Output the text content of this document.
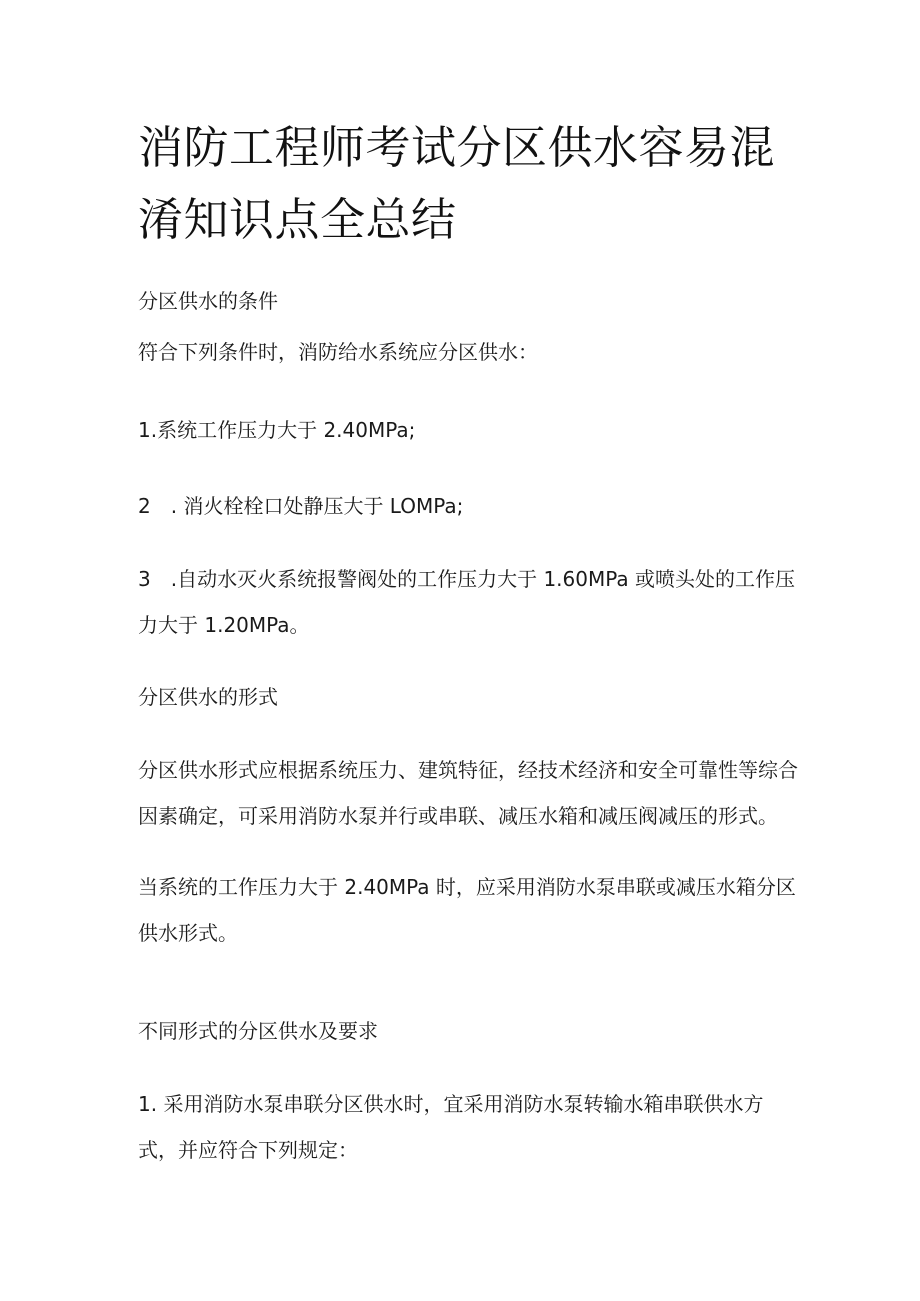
消防工程师考试分区供水容易混淆知识点全总结
分区供水的条件
符合下列条件时，消防给水系统应分区供水：
1.系统工作压力大于 2.40MPa;
2　. 消火栓栓口处静压大于 LOMPa;

3　.自动水灭火系统报警阀处的工作压力大于 1.60MPa 或喷头处的工作压力大于 1.20MPa。

分区供水的形式

分区供水形式应根据系统压力、建筑特征，经技术经济和安全可靠性等综合因素确定，可采用消防水泵并行或串联、减压水箱和减压阀减压的形式。

当系统的工作压力大于 2.40MPa 时，应采用消防水泵串联或减压水箱分区供水形式。

不同形式的分区供水及要求

1. 采用消防水泵串联分区供水时，宜采用消防水泵转输水箱串联供水方式，并应符合下列规定：
